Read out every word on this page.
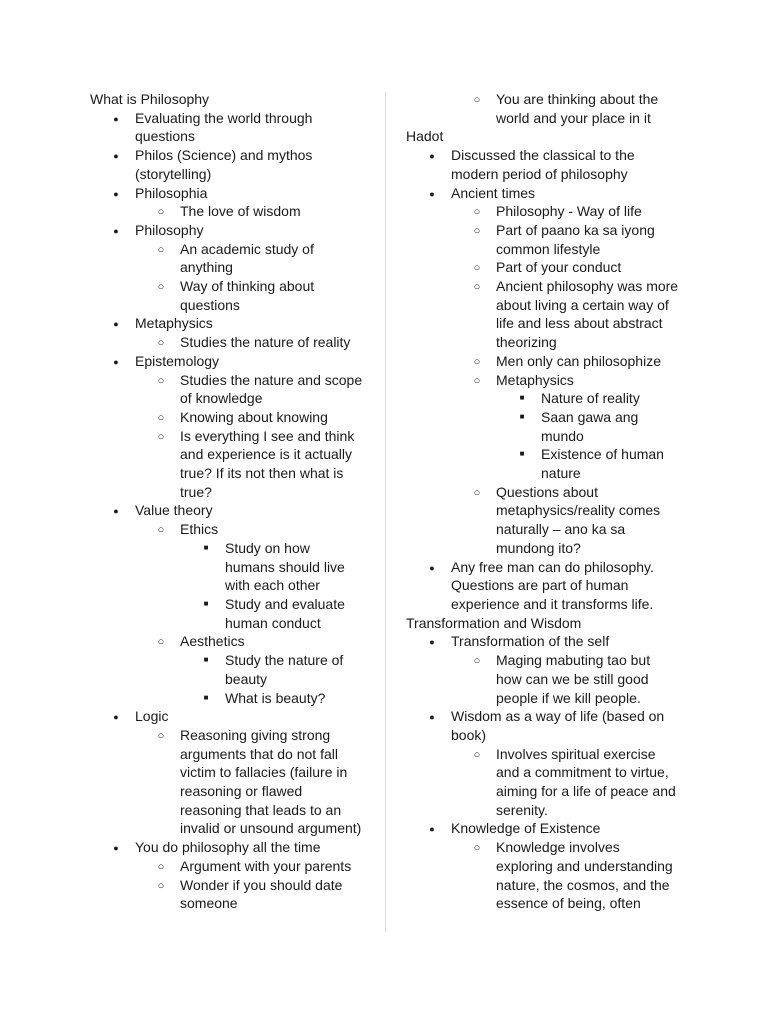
What is Philosophy
●
Evaluating the world through
questions
●
Philos (Science) and mythos
(storytelling)
●
Philosophia
○
The love of wisdom
●
Philosophy
○
An academic study of
anything
○
Way of thinking about
questions
●
Metaphysics
○
Studies the nature of reality
●
Epistemology
○
Studies the nature and scope
of knowledge
○
Knowing about knowing
○
Is everything I see and think
and experience is it actually
true? If its not then what is
true?
●
Value theory
○
Ethics
■
Study on how
humans should live
with each other
■
Study and evaluate
human conduct
○
Aesthetics
■
Study the nature of
beauty
■
What is beauty?
●
Logic
○
Reasoning giving strong
arguments that do not fall
victim to fallacies (failure in
reasoning or flawed
reasoning that leads to an
invalid or unsound argument)
●
You do philosophy all the time
○
Argument with your parents
○
Wonder if you should date
someone
○
You are thinking about the
world and your place in it
Hadot
●
Discussed the classical to the
modern period of philosophy
●
Ancient times
○
Philosophy - Way of life
○
Part of paano ka sa iyong
common lifestyle
○
Part of your conduct
○
Ancient philosophy was more
about living a certain way of
life and less about abstract
theorizing
○
Men only can philosophize
○
Metaphysics
■
Nature of reality
■
Saan gawa ang
mundo
■
Existence of human
nature
○
Questions about
metaphysics/reality comes
naturally – ano ka sa
mundong ito?
●
Any free man can do philosophy.
Questions are part of human
experience and it transforms life.
Transformation and Wisdom
●
Transformation of the self
○
Maging mabuting tao but
how can we be still good
people if we kill people.
●
Wisdom as a way of life (based on
book)
○
Involves spiritual exercise
and a commitment to virtue,
aiming for a life of peace and
serenity.
●
Knowledge of Existence
○
Knowledge involves
exploring and understanding
nature, the cosmos, and the
essence of being, often
